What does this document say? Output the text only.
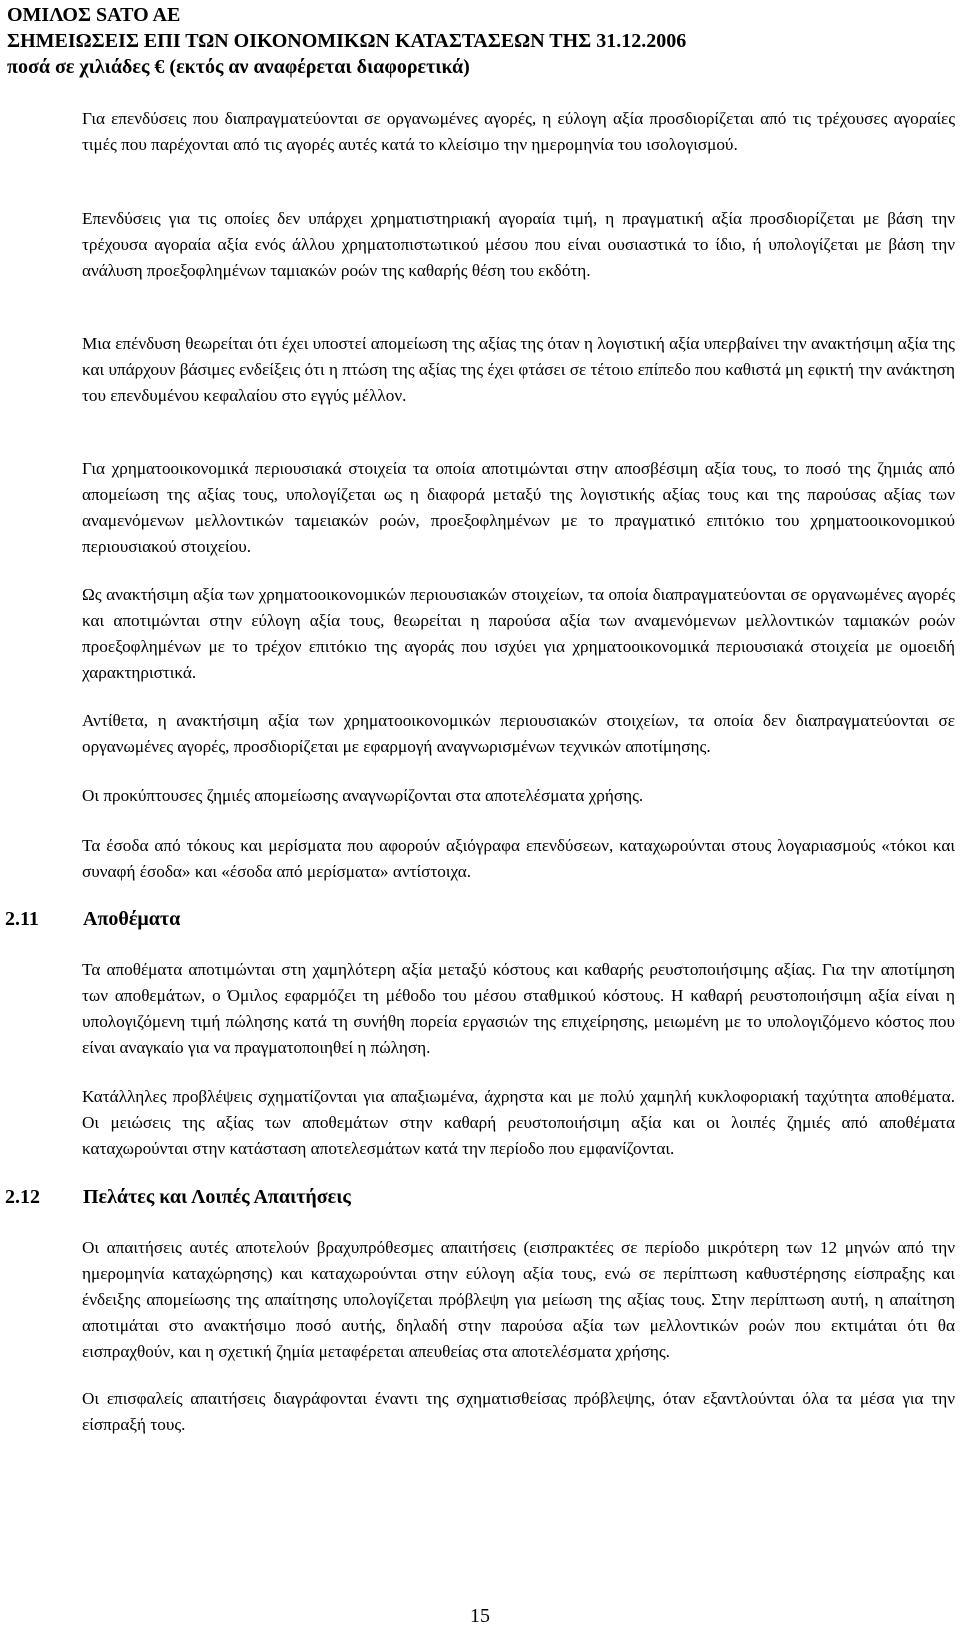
ΟΜΙΛΟΣ SATO AE
ΣΗΜΕΙΩΣΕΙΣ ΕΠΙ ΤΩΝ ΟΙΚΟΝΟΜΙΚΩΝ ΚΑΤΑΣΤΑΣΕΩΝ ΤΗΣ 31.12.2006
ποσά σε χιλιάδες € (εκτός αν αναφέρεται διαφορετικά)

Για επενδύσεις που διαπραγματεύονται σε οργανωμένες αγορές, η εύλογη αξία προσδιορίζεται από τις τρέχουσες αγοραίες τιμές που παρέχονται από τις αγορές αυτές κατά το κλείσιμο την ημερομηνία του ισολογισμού.

Επενδύσεις για τις οποίες δεν υπάρχει χρηματιστηριακή αγοραία τιμή, η πραγματική αξία προσδιορίζεται με βάση την τρέχουσα αγοραία αξία ενός άλλου χρηματοπιστωτικού μέσου που είναι ουσιαστικά το ίδιο, ή υπολογίζεται με βάση την ανάλυση προεξοφλημένων ταμιακών ροών της καθαρής θέση του εκδότη.

Μια επένδυση θεωρείται ότι έχει υποστεί απομείωση της αξίας της όταν η λογιστική αξία υπερβαίνει την ανακτήσιμη αξία της και υπάρχουν βάσιμες ενδείξεις ότι η πτώση της αξίας της έχει φτάσει σε τέτοιο επίπεδο που καθιστά μη εφικτή την ανάκτηση του επενδυμένου κεφαλαίου στο εγγύς μέλλον.

Για χρηματοοικονομικά περιουσιακά στοιχεία τα οποία αποτιμώνται στην αποσβέσιμη αξία τους, το ποσό της ζημιάς από απομείωση της αξίας τους, υπολογίζεται ως η διαφορά μεταξύ της λογιστικής αξίας τους και της παρούσας αξίας των αναμενόμενων μελλοντικών ταμειακών ροών, προεξοφλημένων με το πραγματικό επιτόκιο του χρηματοοικονομικού περιουσιακού στοιχείου.

Ως ανακτήσιμη αξία των χρηματοοικονομικών περιουσιακών στοιχείων, τα οποία διαπραγματεύονται σε οργανωμένες αγορές και αποτιμώνται στην εύλογη αξία τους, θεωρείται η παρούσα αξία των αναμενόμενων μελλοντικών ταμιακών ροών προεξοφλημένων με το τρέχον επιτόκιο της αγοράς που ισχύει για χρηματοοικονομικά περιουσιακά στοιχεία με ομοειδή χαρακτηριστικά.

Αντίθετα, η ανακτήσιμη αξία των χρηματοοικονομικών περιουσιακών στοιχείων, τα οποία δεν διαπραγματεύονται σε οργανωμένες αγορές, προσδιορίζεται με εφαρμογή αναγνωρισμένων τεχνικών αποτίμησης.

Οι προκύπτουσες ζημιές απομείωσης αναγνωρίζονται στα αποτελέσματα χρήσης.

Τα έσοδα από τόκους και μερίσματα που αφορούν αξιόγραφα επενδύσεων, καταχωρούνται στους λογαριασμούς «τόκοι και συναφή έσοδα» και «έσοδα από μερίσματα» αντίστοιχα.

2.11 Αποθέματα

Τα αποθέματα αποτιμώνται στη χαμηλότερη αξία μεταξύ κόστους και καθαρής ρευστοποιήσιμης αξίας. Για την αποτίμηση των αποθεμάτων, ο Όμιλος εφαρμόζει τη μέθοδο του μέσου σταθμικού κόστους. Η καθαρή ρευστοποιήσιμη αξία είναι η υπολογιζόμενη τιμή πώλησης κατά τη συνήθη πορεία εργασιών της επιχείρησης, μειωμένη με το υπολογιζόμενο κόστος που είναι αναγκαίο για να πραγματοποιηθεί η πώληση.

Κατάλληλες προβλέψεις σχηματίζονται για απαξιωμένα, άχρηστα και με πολύ χαμηλή κυκλοφοριακή ταχύτητα αποθέματα. Οι μειώσεις της αξίας των αποθεμάτων στην καθαρή ρευστοποιήσιμη αξία και οι λοιπές ζημιές από αποθέματα καταχωρούνται στην κατάσταση αποτελεσμάτων κατά την περίοδο που εμφανίζονται.

2.12 Πελάτες και Λοιπές Απαιτήσεις

Οι απαιτήσεις αυτές αποτελούν βραχυπρόθεσμες απαιτήσεις (εισπρακτέες σε περίοδο μικρότερη των 12 μηνών από την ημερομηνία καταχώρησης) και καταχωρούνται στην εύλογη αξία τους, ενώ σε περίπτωση καθυστέρησης είσπραξης και ένδειξης απομείωσης της απαίτησης υπολογίζεται πρόβλεψη για μείωση της αξίας τους. Στην περίπτωση αυτή, η απαίτηση αποτιμάται στο ανακτήσιμο ποσό αυτής, δηλαδή στην παρούσα αξία των μελλοντικών ροών που εκτιμάται ότι θα εισπραχθούν, και η σχετική ζημία μεταφέρεται απευθείας στα αποτελέσματα χρήσης.

Οι επισφαλείς απαιτήσεις διαγράφονται έναντι της σχηματισθείσας πρόβλεψης, όταν εξαντλούνται όλα τα μέσα για την είσπραξή τους.

15
